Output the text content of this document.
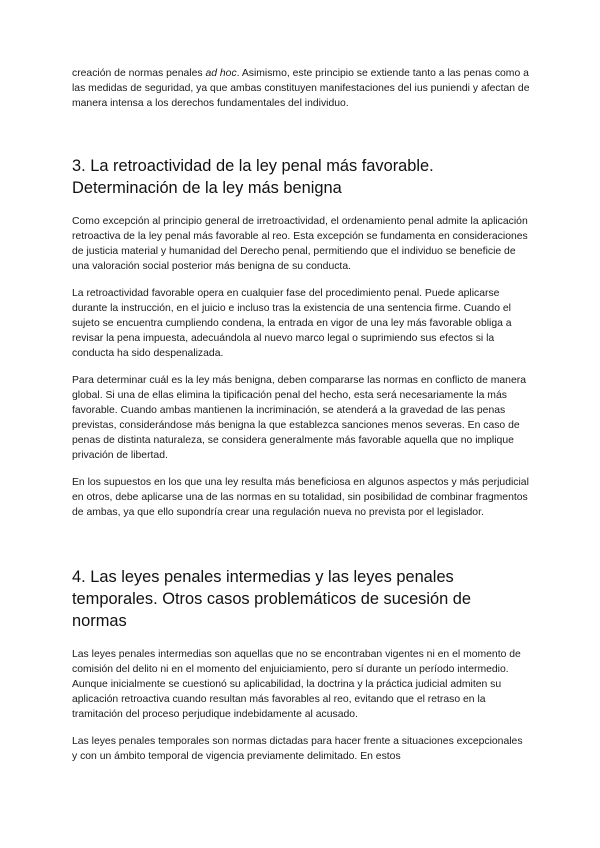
creación de normas penales ad hoc. Asimismo, este principio se extiende tanto a las penas como a las medidas de seguridad, ya que ambas constituyen manifestaciones del ius puniendi y afectan de manera intensa a los derechos fundamentales del individuo.

3. La retroactividad de la ley penal más favorable. Determinación de la ley más benigna

Como excepción al principio general de irretroactividad, el ordenamiento penal admite la aplicación retroactiva de la ley penal más favorable al reo. Esta excepción se fundamenta en consideraciones de justicia material y humanidad del Derecho penal, permitiendo que el individuo se beneficie de una valoración social posterior más benigna de su conducta.

La retroactividad favorable opera en cualquier fase del procedimiento penal. Puede aplicarse durante la instrucción, en el juicio e incluso tras la existencia de una sentencia firme. Cuando el sujeto se encuentra cumpliendo condena, la entrada en vigor de una ley más favorable obliga a revisar la pena impuesta, adecuándola al nuevo marco legal o suprimiendo sus efectos si la conducta ha sido despenalizada.

Para determinar cuál es la ley más benigna, deben compararse las normas en conflicto de manera global. Si una de ellas elimina la tipificación penal del hecho, esta será necesariamente la más favorable. Cuando ambas mantienen la incriminación, se atenderá a la gravedad de las penas previstas, considerándose más benigna la que establezca sanciones menos severas. En caso de penas de distinta naturaleza, se considera generalmente más favorable aquella que no implique privación de libertad.

En los supuestos en los que una ley resulta más beneficiosa en algunos aspectos y más perjudicial en otros, debe aplicarse una de las normas en su totalidad, sin posibilidad de combinar fragmentos de ambas, ya que ello supondría crear una regulación nueva no prevista por el legislador.

4. Las leyes penales intermedias y las leyes penales temporales. Otros casos problemáticos de sucesión de normas

Las leyes penales intermedias son aquellas que no se encontraban vigentes ni en el momento de comisión del delito ni en el momento del enjuiciamiento, pero sí durante un período intermedio. Aunque inicialmente se cuestionó su aplicabilidad, la doctrina y la práctica judicial admiten su aplicación retroactiva cuando resultan más favorables al reo, evitando que el retraso en la tramitación del proceso perjudique indebidamente al acusado.

Las leyes penales temporales son normas dictadas para hacer frente a situaciones excepcionales y con un ámbito temporal de vigencia previamente delimitado. En estos
